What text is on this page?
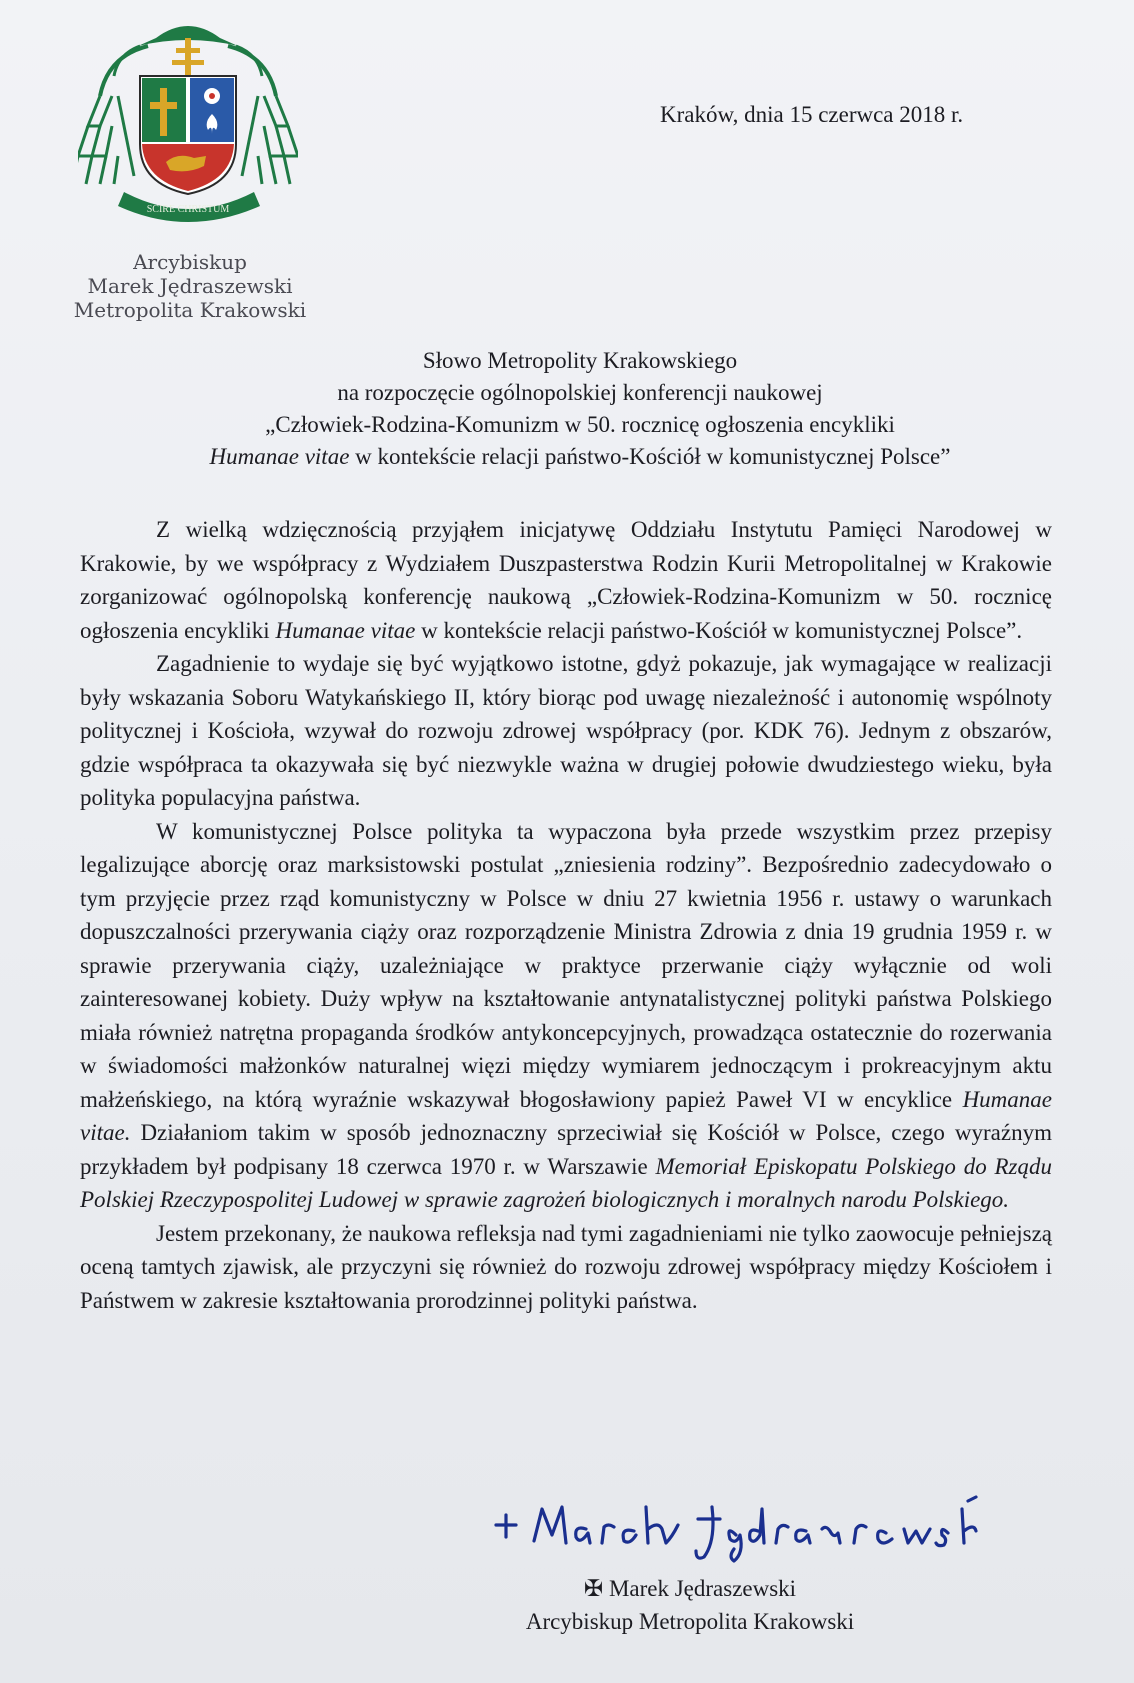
SCIRE CHRISTUM
Arcybiskup
Marek Jędraszewski
Metropolita Krakowski
Kraków, dnia 15 czerwca 2018 r.
Słowo Metropolity Krakowskiego
na rozpoczęcie ogólnopolskiej konferencji naukowej
„Człowiek-Rodzina-Komunizm w 50. rocznicę ogłoszenia encykliki
Humanae vitae w kontekście relacji państwo-Kościół w komunistycznej Polsce”

Z wielką wdzięcznością przyjąłem inicjatywę Oddziału Instytutu Pamięci Narodowej w Krakowie, by we współpracy z Wydziałem Duszpasterstwa Rodzin Kurii Metropolitalnej w Krakowie zorganizować ogólnopolską konferencję naukową „Człowiek-Rodzina-Komunizm w 50. rocznicę ogłoszenia encykliki Humanae vitae w kontekście relacji państwo-Kościół w komunistycznej Polsce”.

Zagadnienie to wydaje się być wyjątkowo istotne, gdyż pokazuje, jak wymagające w realizacji były wskazania Soboru Watykańskiego II, który biorąc pod uwagę niezależność i autonomię wspólnoty politycznej i Kościoła, wzywał do rozwoju zdrowej współpracy (por. KDK 76). Jednym z obszarów, gdzie współpraca ta okazywała się być niezwykle ważna w drugiej połowie dwudziestego wieku, była polityka populacyjna państwa.

W komunistycznej Polsce polityka ta wypaczona była przede wszystkim przez przepisy legalizujące aborcję oraz marksistowski postulat „zniesienia rodziny”. Bezpośrednio zadecydowało o tym przyjęcie przez rząd komunistyczny w Polsce w dniu 27 kwietnia 1956 r. ustawy o warunkach dopuszczalności przerywania ciąży oraz rozporządzenie Ministra Zdrowia z dnia 19 grudnia 1959 r. w sprawie przerywania ciąży, uzależniające w praktyce przerwanie ciąży wyłącznie od woli zainteresowanej kobiety. Duży wpływ na kształtowanie antynatalistycznej polityki państwa Polskiego miała również natrętna propaganda środków antykoncepcyjnych, prowadząca ostatecznie do rozerwania w świadomości małżonków naturalnej więzi między wymiarem jednoczącym i prokreacyjnym aktu małżeńskiego, na którą wyraźnie wskazywał błogosławiony papież Paweł VI w encyklice Humanae vitae. Działaniom takim w sposób jednoznaczny sprzeciwiał się Kościół w Polsce, czego wyraźnym przykładem był podpisany 18 czerwca 1970 r. w Warszawie Memoriał Episkopatu Polskiego do Rządu Polskiej Rzeczypospolitej Ludowej w sprawie zagrożeń biologicznych i moralnych narodu Polskiego.

Jestem przekonany, że naukowa refleksja nad tymi zagadnieniami nie tylko zaowocuje pełniejszą oceną tamtych zjawisk, ale przyczyni się również do rozwoju zdrowej współpracy między Kościołem i Państwem w zakresie kształtowania prorodzinnej polityki państwa.

✠ Marek Jędraszewski
Arcybiskup Metropolita Krakowski
